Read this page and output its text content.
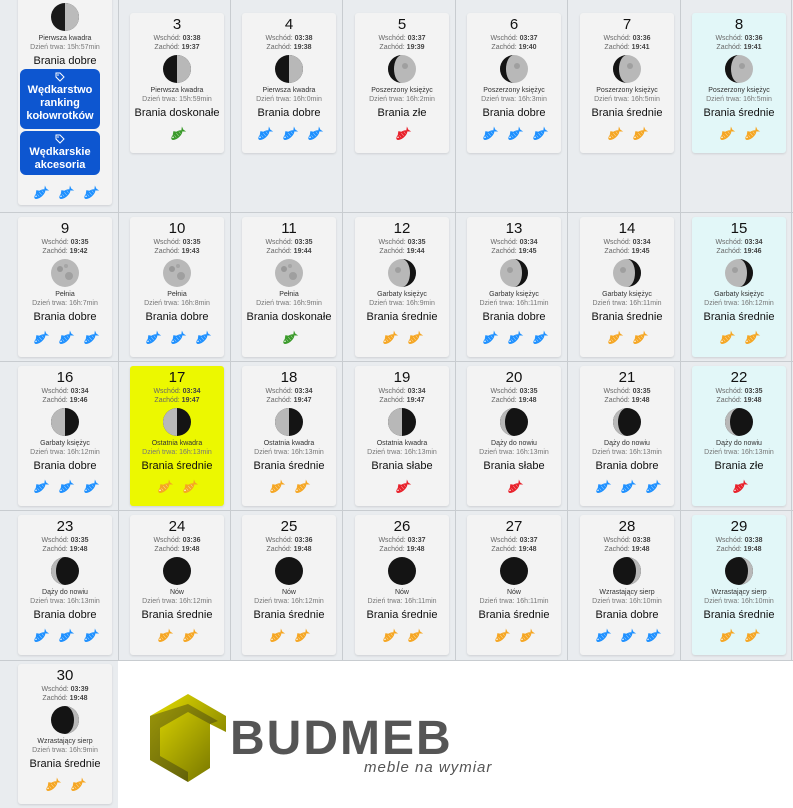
Pierwsza kwadra
Dzień trwa: 15h:57min
Brania dobre
Wędkarstwo ranking kołowrotków
Wędkarskie akcesoria
3
Wschód: 03:38
Zachód: 19:37
Pierwsza kwadra
Dzień trwa: 15h:59min
Brania doskonałe
4
Wschód: 03:38
Zachód: 19:38
Pierwsza kwadra
Dzień trwa: 16h:0min
Brania dobre
5
Wschód: 03:37
Zachód: 19:39
Poszerzony księżyc
Dzień trwa: 16h:2min
Brania złe
6
Wschód: 03:37
Zachód: 19:40
Poszerzony księżyc
Dzień trwa: 16h:3min
Brania dobre
7
Wschód: 03:36
Zachód: 19:41
Poszerzony księżyc
Dzień trwa: 16h:5min
Brania średnie
8
Wschód: 03:36
Zachód: 19:41
Poszerzony księżyc
Dzień trwa: 16h:5min
Brania średnie
9
Wschód: 03:35
Zachód: 19:42
Pełnia
Dzień trwa: 16h:7min
Brania dobre
10
Wschód: 03:35
Zachód: 19:43
Pełnia
Dzień trwa: 16h:8min
Brania dobre
11
Wschód: 03:35
Zachód: 19:44
Pełnia
Dzień trwa: 16h:9min
Brania doskonałe
12
Wschód: 03:35
Zachód: 19:44
Garbaty księżyc
Dzień trwa: 16h:9min
Brania średnie
13
Wschód: 03:34
Zachód: 19:45
Garbaty księżyc
Dzień trwa: 16h:11min
Brania dobre
14
Wschód: 03:34
Zachód: 19:45
Garbaty księżyc
Dzień trwa: 16h:11min
Brania średnie
15
Wschód: 03:34
Zachód: 19:46
Garbaty księżyc
Dzień trwa: 16h:12min
Brania średnie
16
Wschód: 03:34
Zachód: 19:46
Garbaty księżyc
Dzień trwa: 16h:12min
Brania dobre
17
Wschód: 03:34
Zachód: 19:47
Ostatnia kwadra
Dzień trwa: 16h:13min
Brania średnie
18
Wschód: 03:34
Zachód: 19:47
Ostatnia kwadra
Dzień trwa: 16h:13min
Brania średnie
19
Wschód: 03:34
Zachód: 19:47
Ostatnia kwadra
Dzień trwa: 16h:13min
Brania słabe
20
Wschód: 03:35
Zachód: 19:48
Dąży do nowiu
Dzień trwa: 16h:13min
Brania słabe
21
Wschód: 03:35
Zachód: 19:48
Dąży do nowiu
Dzień trwa: 16h:13min
Brania dobre
22
Wschód: 03:35
Zachód: 19:48
Dąży do nowiu
Dzień trwa: 16h:13min
Brania złe
23
Wschód: 03:35
Zachód: 19:48
Dąży do nowiu
Dzień trwa: 16h:13min
Brania dobre
24
Wschód: 03:36
Zachód: 19:48
Nów
Dzień trwa: 16h:12min
Brania średnie
25
Wschód: 03:36
Zachód: 19:48
Nów
Dzień trwa: 16h:12min
Brania średnie
26
Wschód: 03:37
Zachód: 19:48
Nów
Dzień trwa: 16h:11min
Brania średnie
27
Wschód: 03:37
Zachód: 19:48
Nów
Dzień trwa: 16h:11min
Brania średnie
28
Wschód: 03:38
Zachód: 19:48
Wzrastający sierp
Dzień trwa: 16h:10min
Brania dobre
29
Wschód: 03:38
Zachód: 19:48
Wzrastający sierp
Dzień trwa: 16h:10min
Brania średnie
30
Wschód: 03:39
Zachód: 19:48
Wzrastający sierp
Dzień trwa: 16h:9min
Brania średnie	BUDMEB
meble na wymiar
